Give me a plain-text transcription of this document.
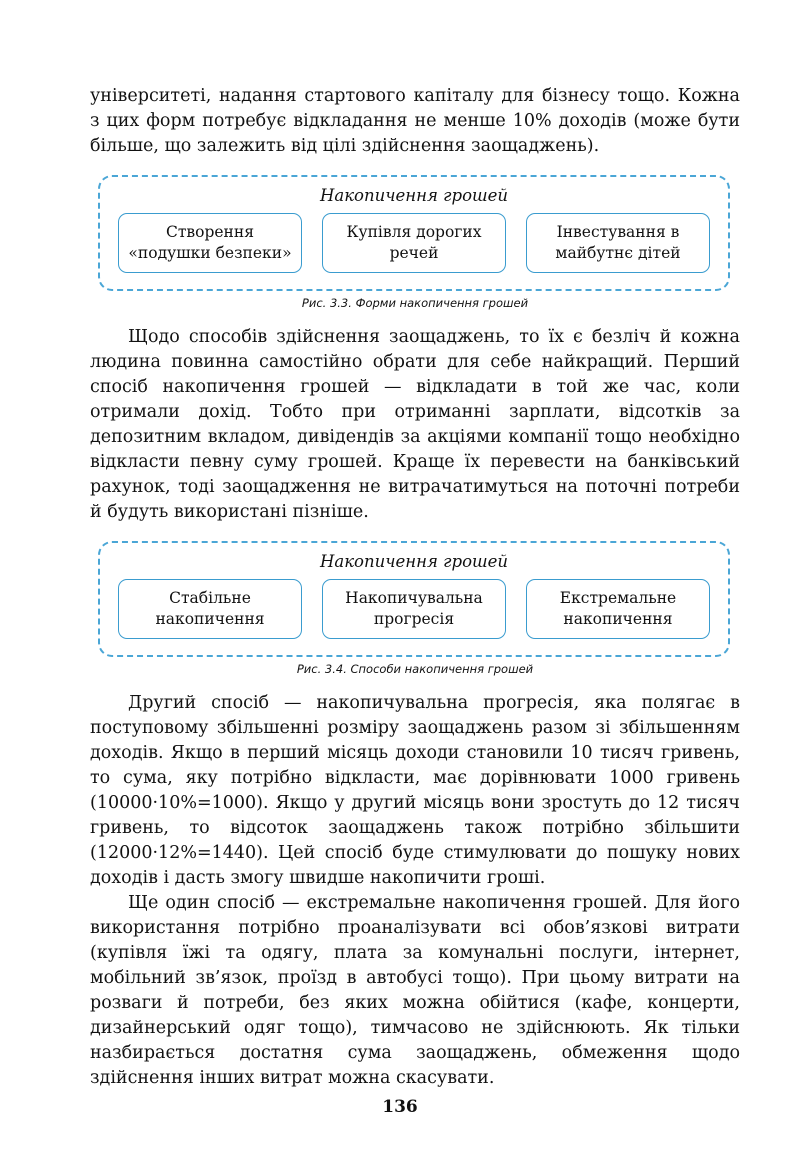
університеті, надання стартового капіталу для бізнесу тощо. Кожна з цих форм потребує відкладання не менше 10% доходів (може бути більше, що залежить від цілі здійснення заощаджень).

Накопичення грошей
Створення
«подушки безпеки»
Купівля дорогих
речей
Інвестування в
майбутнє дітей
Рис. 3.3. Форми накопичення грошей

Щодо способів здійснення заощаджень, то їх є безліч й кожна людина повинна самостійно обрати для себе найкращий. Перший спосіб накопичення грошей — відкладати в той же час, коли отримали дохід. Тобто при отриманні зарплати, відсотків за депозитним вкладом, дивідендів за акціями компанії тощо необхідно відкласти певну суму грошей. Краще їх перевести на банківський рахунок, тоді заощадження не витрачатимуться на поточні потреби й будуть використані пізніше.

Накопичення грошей
Стабільне
накопичення
Накопичувальна
прогресія
Екстремальне
накопичення
Рис. 3.4. Способи накопичення грошей

Другий спосіб — накопичувальна прогресія, яка полягає в поступовому збільшенні розміру заощаджень разом зі збільшенням доходів. Якщо в перший місяць доходи становили 10 тисяч гривень, то сума, яку потрібно відкласти, має дорівнювати 1000 гривень (10000·10%=1000). Якщо у другий місяць вони зростуть до 12 тисяч гривень, то відсоток заощаджень також потрібно збільшити (12000·12%=1440). Цей спосіб буде стимулювати до пошуку нових доходів і дасть змогу швидше накопичити гроші.

Ще один спосіб — екстремальне накопичення грошей. Для його використання потрібно проаналізувати всі обов’язкові витрати (купівля їжі та одягу, плата за комунальні послуги, інтернет, мобільний зв’язок, проїзд в автобусі тощо). При цьому витрати на розваги й потреби, без яких можна обійтися (кафе, концерти, дизайнерський одяг тощо), тимчасово не здійснюють. Як тільки назбирається достатня сума заощаджень, обмеження щодо здійснення інших витрат можна скасувати.

136
